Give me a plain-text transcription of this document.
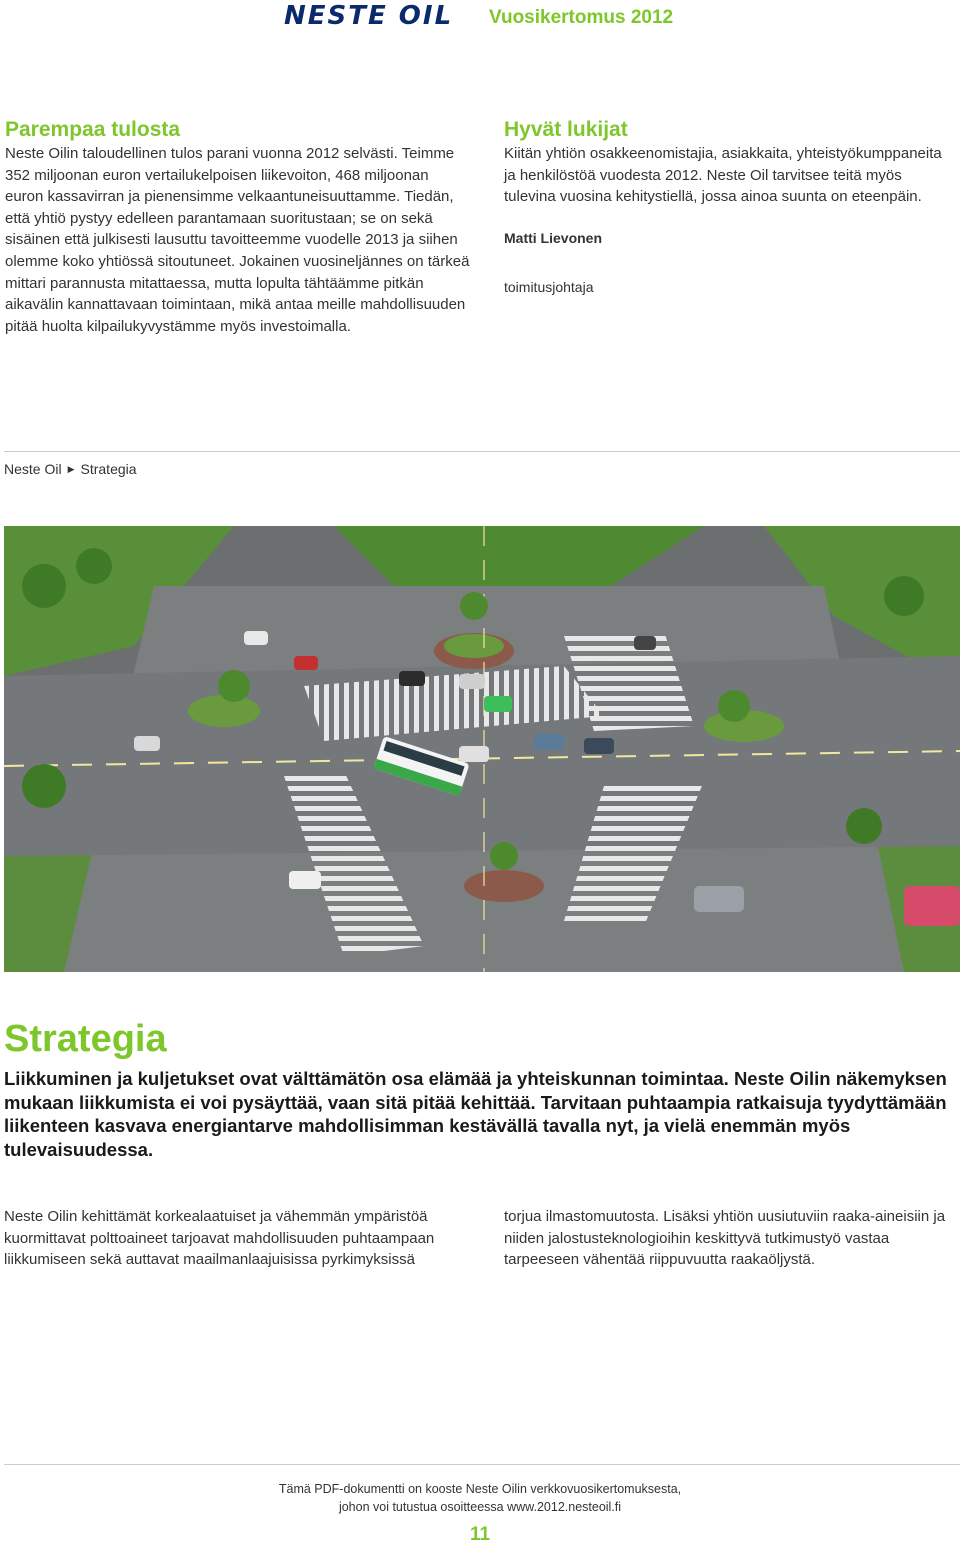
NESTE OIL Vuosikertomus 2012

Parempaa tulosta

Neste Oilin taloudellinen tulos parani vuonna 2012 selvästi. Teimme 352 miljoonan euron vertailukelpoisen liikevoiton, 468 miljoonan euron kassavirran ja pienensimme velkaantuneisuuttamme. Tiedän, että yhtiö pystyy edelleen parantamaan suoritustaan; se on sekä sisäinen että julkisesti lausuttu tavoitteemme vuodelle 2013 ja siihen olemme koko yhtiössä sitoutuneet. Jokainen vuosineljännes on tärkeä mittari parannusta mitattaessa, mutta lopulta tähtäämme pitkän aikavälin kannattavaan toimintaan, mikä antaa meille mahdollisuuden pitää huolta kilpailukyvystämme myös investoimalla.

Hyvät lukijat

Kiitän yhtiön osakkeenomistajia, asiakkaita, yhteistyökumppaneita ja henkilöstöä vuodesta 2012. Neste Oil tarvitsee teitä myös tulevina vuosina kehitystiellä, jossa ainoa suunta on eteenpäin.

Matti Lievonen

toimitusjohtaja

Neste Oil ▶ Strategia
Strategia
Liikkuminen ja kuljetukset ovat välttämätön osa elämää ja yhteiskunnan toimintaa. Neste Oilin näkemyksen mukaan liikkumista ei voi pysäyttää, vaan sitä pitää kehittää. Tarvitaan puhtaampia ratkaisuja tyydyttämään liikenteen kasvava energiantarve mahdollisimman kestävällä tavalla nyt, ja vielä enemmän myös tulevaisuudessa.
Neste Oilin kehittämät korkealaatuiset ja vähemmän ympäristöä kuormittavat polttoaineet tarjoavat mahdollisuuden puhtaampaan liikkumiseen sekä auttavat maailmanlaajuisissa pyrkimyksissä
torjua ilmastomuutosta. Lisäksi yhtiön uusiutuviin raaka-aineisiin ja niiden jalostusteknologioihin keskittyvä tutkimustyö vastaa tarpeeseen vähentää riippuvuutta raakaöljystä.
Tämä PDF-dokumentti on kooste Neste Oilin verkkovuosikertomuksesta,
johon voi tutustua osoitteessa www.2012.nesteoil.fi
11
